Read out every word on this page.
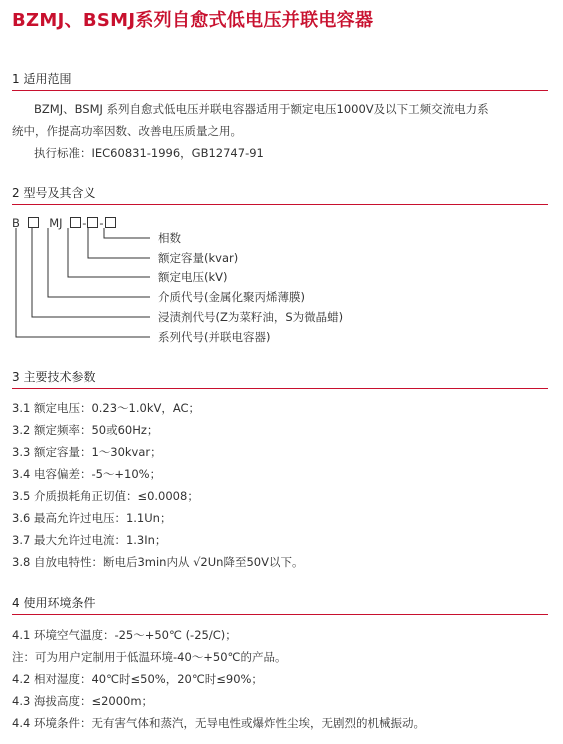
BZMJ、BSMJ系列自愈式低电压并联电容器
1 适用范围
BZMJ、BSMJ 系列自愈式低电压并联电容器适用于额定电压1000V及以下工频交流电力系
统中，作提高功率因数、改善电压质量之用。
执行标准：IEC60831-1996，GB12747-91
2 型号及其含义
B	MJ - -
相数
额定容量(kvar)
额定电压(kV)
介质代号(金属化聚丙烯薄膜)
浸渍剂代号(Z为菜籽油，S为微晶蜡)
系列代号(并联电容器)
3 主要技术参数
3.1 额定电压：0.23～1.0kV，AC；
3.2 额定频率：50或60Hz；
3.3 额定容量：1～30kvar；
3.4 电容偏差：-5～+10%；
3.5 介质损耗角正切值：≤0.0008；
3.6 最高允许过电压：1.1Un；
3.7 最大允许过电流：1.3In；
3.8 自放电特性：断电后3min内从 √2Un降至50V以下。
4 使用环境条件
4.1 环境空气温度：-25～+50℃ (-25/C)；
注：可为用户定制用于低温环境-40～+50℃的产品。
4.2 相对湿度：40℃时≤50%，20℃时≤90%；
4.3 海拔高度：≤2000m；
4.4 环境条件：无有害气体和蒸汽，无导电性或爆炸性尘埃，无剧烈的机械振动。
